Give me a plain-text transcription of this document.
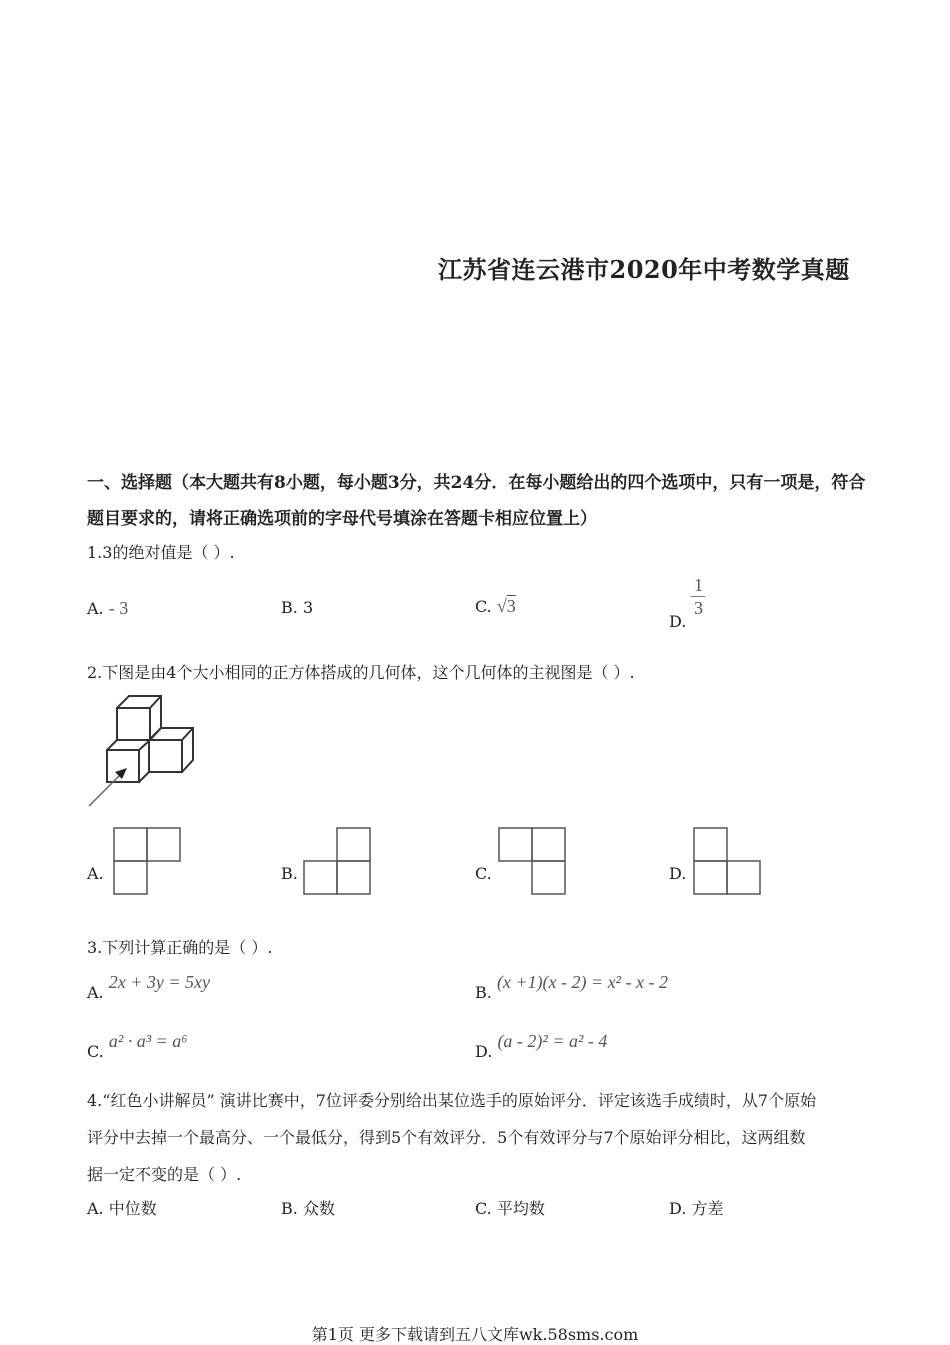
江苏省连云港市2020年中考数学真题
一、选择题（本大题共有8小题，每小题3分，共24分．在每小题给出的四个选项中，只有一项是，符合题目要求的，请将正确选项前的字母代号填涂在答题卡相应位置上）
1.3的绝对值是（ ）.
A. - 3	B. 3	C. √3
D.
$\frac{1}{3}$
2.下图是由4个大小相同的正方体搭成的几何体，这个几何体的主视图是（ ）.
A.	B.	C.	D.
3.下列计算正确的是（ ）.
A. 2x + 3y = 5xy
B. (x +1)(x - 2) = x² - x - 2
C. a² · a³ = a⁶
D. (a - 2)² = a² - 4
4.“红色小讲解员” 演讲比赛中，7位评委分别给出某位选手的原始评分．评定该选手成绩时，从7个原始
评分中去掉一个最高分、一个最低分，得到5个有效评分．5个有效评分与7个原始评分相比，这两组数
据一定不变的是（ ）.
A. 中位数	B. 众数	C. 平均数	D. 方差
第1页 更多下载请到五八文库wk.58sms.com
